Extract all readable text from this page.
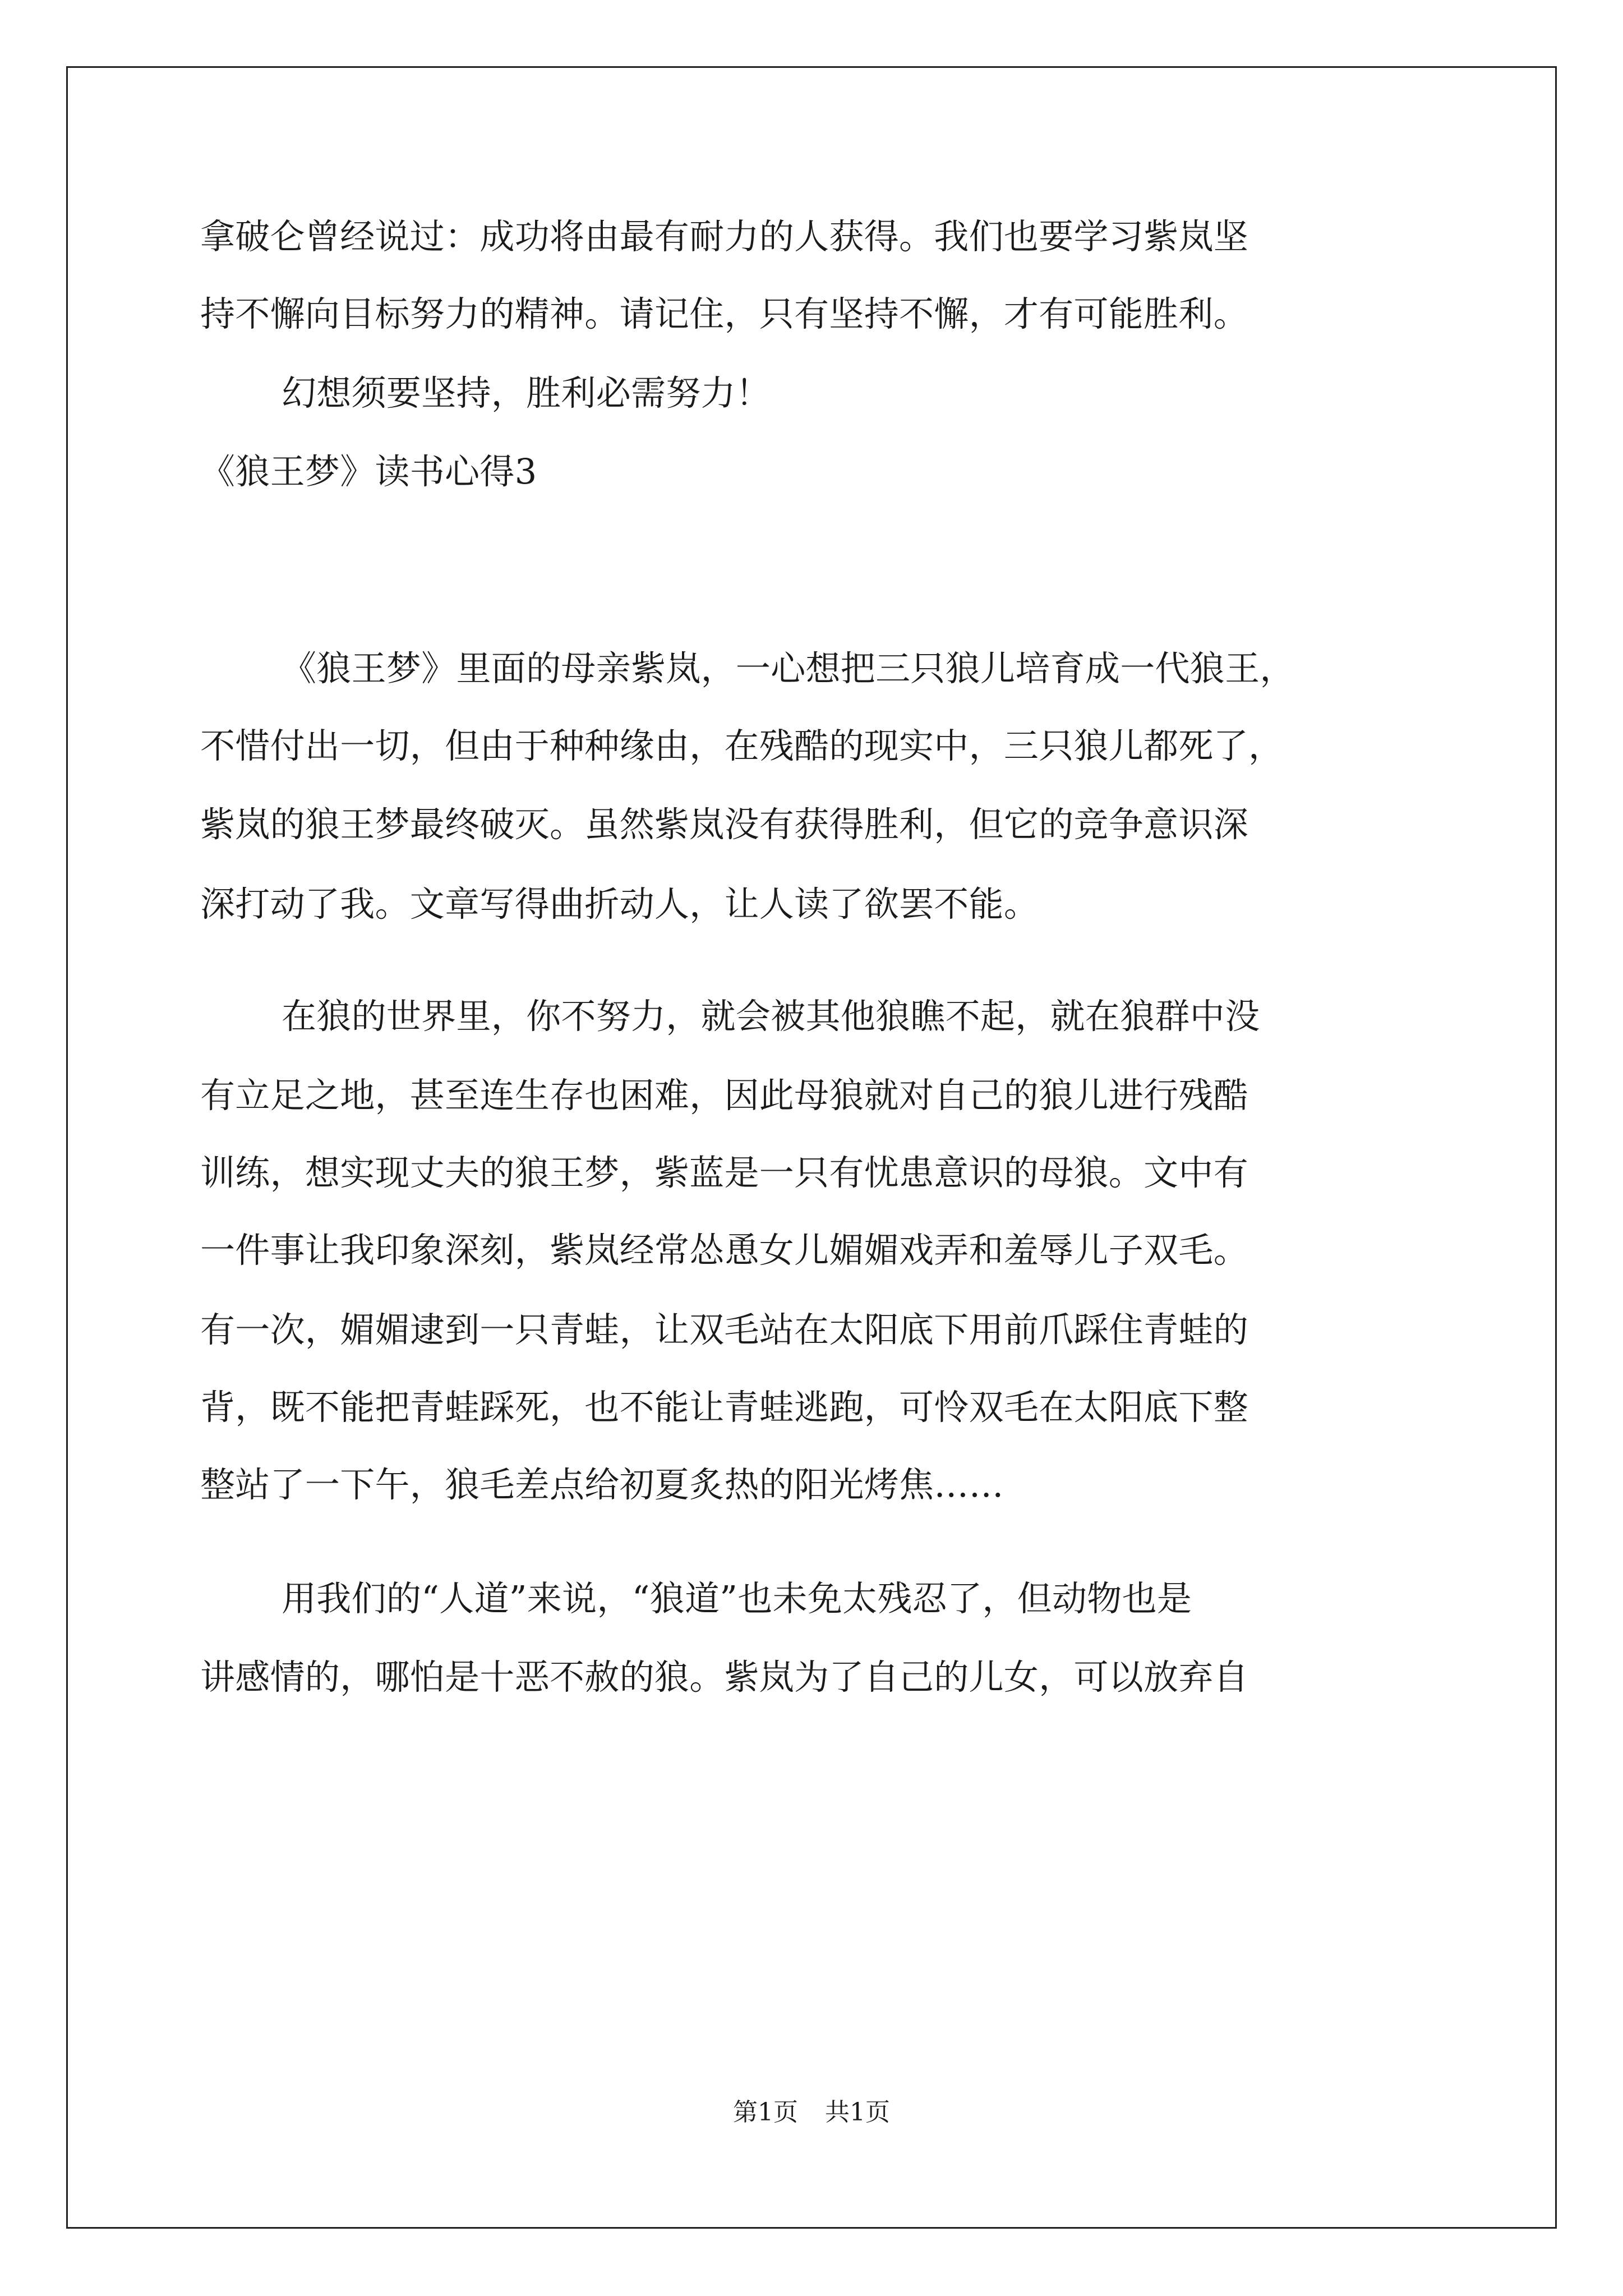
拿破仑曾经说过：成功将由最有耐力的人获得。我们也要学习紫岚坚
持不懈向目标努力的精神。请记住，只有坚持不懈，才有可能胜利。
幻想须要坚持，胜利必需努力！
《狼王梦》读书心得3
《狼王梦》里面的母亲紫岚，一心想把三只狼儿培育成一代狼王，
不惜付出一切，但由于种种缘由，在残酷的现实中，三只狼儿都死了，
紫岚的狼王梦最终破灭。虽然紫岚没有获得胜利，但它的竞争意识深
深打动了我。文章写得曲折动人，让人读了欲罢不能。
在狼的世界里，你不努力，就会被其他狼瞧不起，就在狼群中没
有立足之地，甚至连生存也困难，因此母狼就对自己的狼儿进行残酷
训练，想实现丈夫的狼王梦，紫蓝是一只有忧患意识的母狼。文中有
一件事让我印象深刻，紫岚经常怂恿女儿媚媚戏弄和羞辱儿子双毛。
有一次，媚媚逮到一只青蛙，让双毛站在太阳底下用前爪踩住青蛙的
背，既不能把青蛙踩死，也不能让青蛙逃跑，可怜双毛在太阳底下整
整站了一下午，狼毛差点给初夏炙热的阳光烤焦……
用我们的“人道”来说，“狼道”也未免太残忍了，但动物也是
讲感情的，哪怕是十恶不赦的狼。紫岚为了自己的儿女，可以放弃自
第1页 共1页
